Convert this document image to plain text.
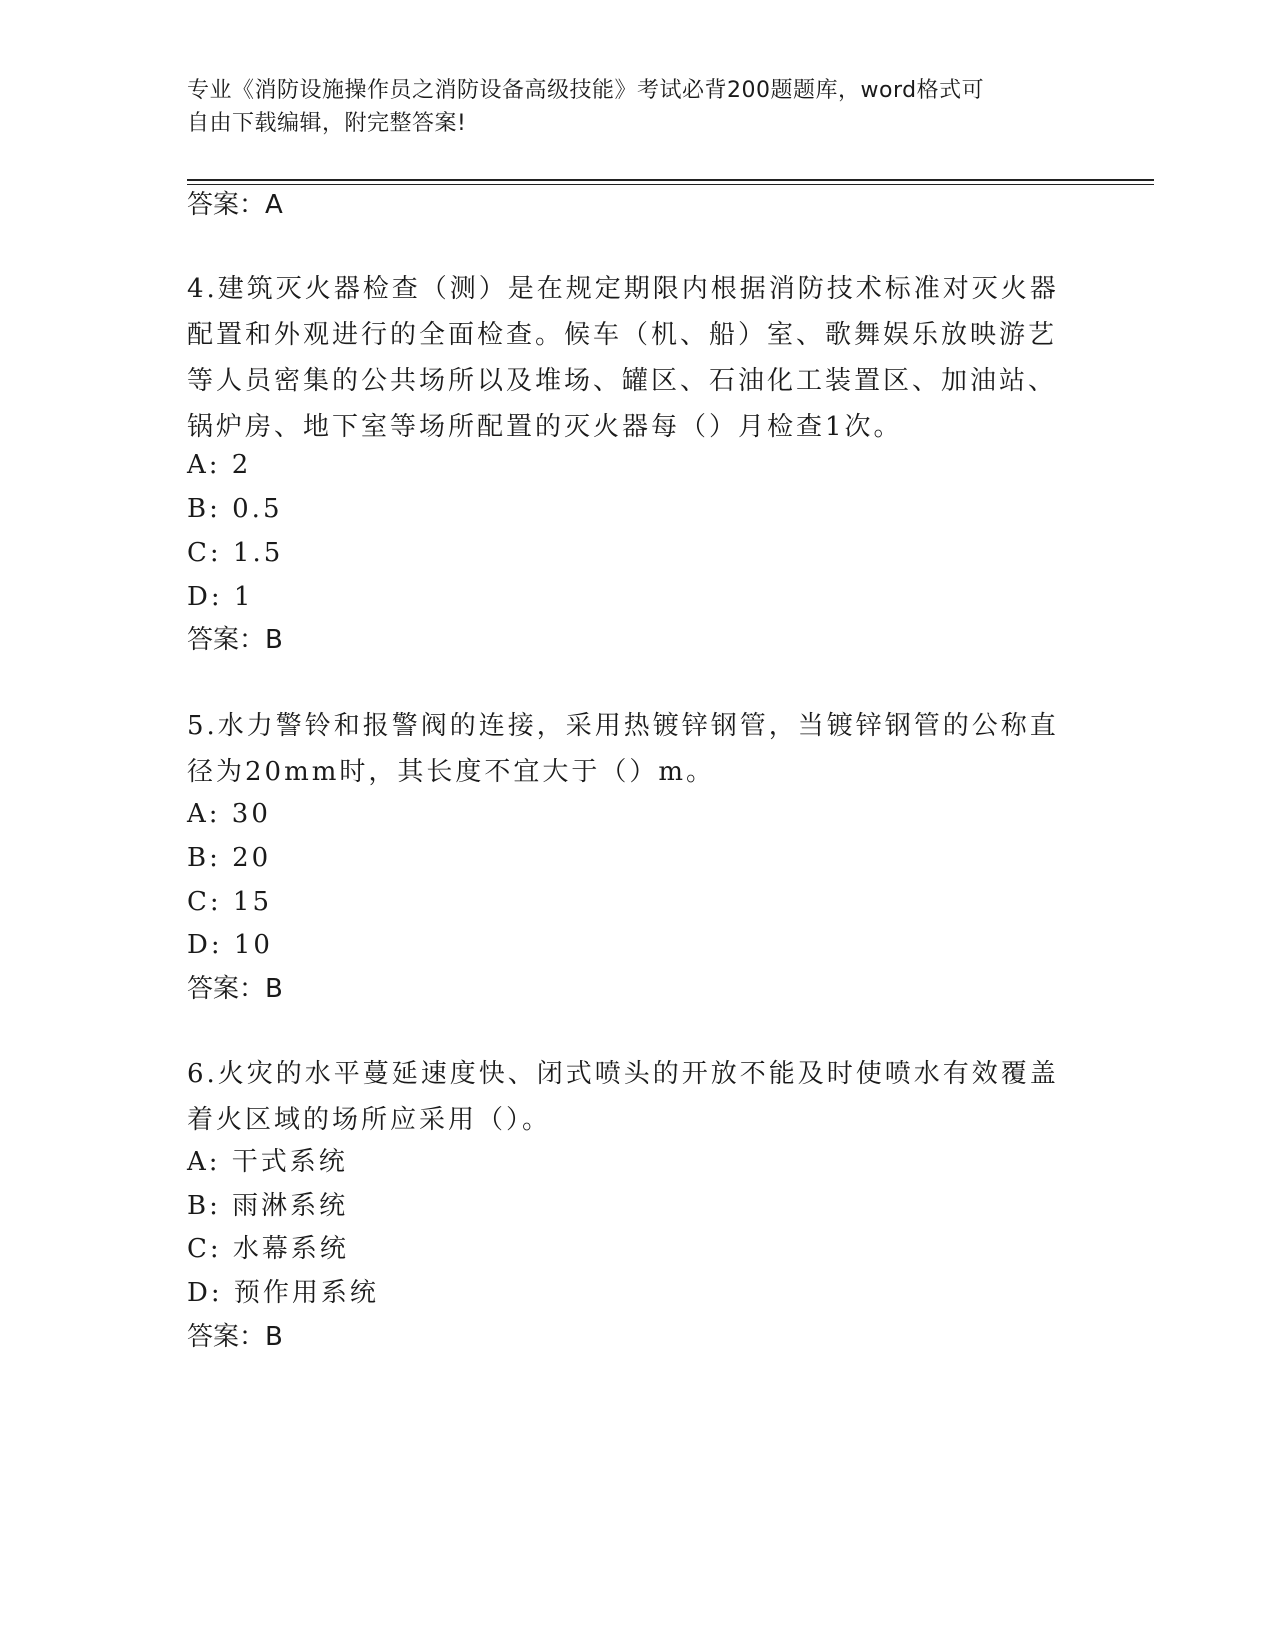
专业《消防设施操作员之消防设备高级技能》考试必背200题题库，word格式可
自由下载编辑，附完整答案!
答案：A
4.建筑灭火器检查（测）是在规定期限内根据消防技术标准对灭火器配置和外观进行的全面检查。候车（机、船）室、歌舞娱乐放映游艺等人员密集的公共场所以及堆场、罐区、石油化工装置区、加油站、锅炉房、地下室等场所配置的灭火器每（）月检查1次。
A: 2
B: 0.5
C: 1.5
D: 1
答案：B
5.水力警铃和报警阀的连接，采用热镀锌钢管，当镀锌钢管的公称直径为20mm时，其长度不宜大于（）m。
A: 30
B: 20
C: 15
D: 10
答案：B
6.火灾的水平蔓延速度快、闭式喷头的开放不能及时使喷水有效覆盖着火区域的场所应采用（）。
A: 干式系统
B: 雨淋系统
C: 水幕系统
D: 预作用系统
答案：B
